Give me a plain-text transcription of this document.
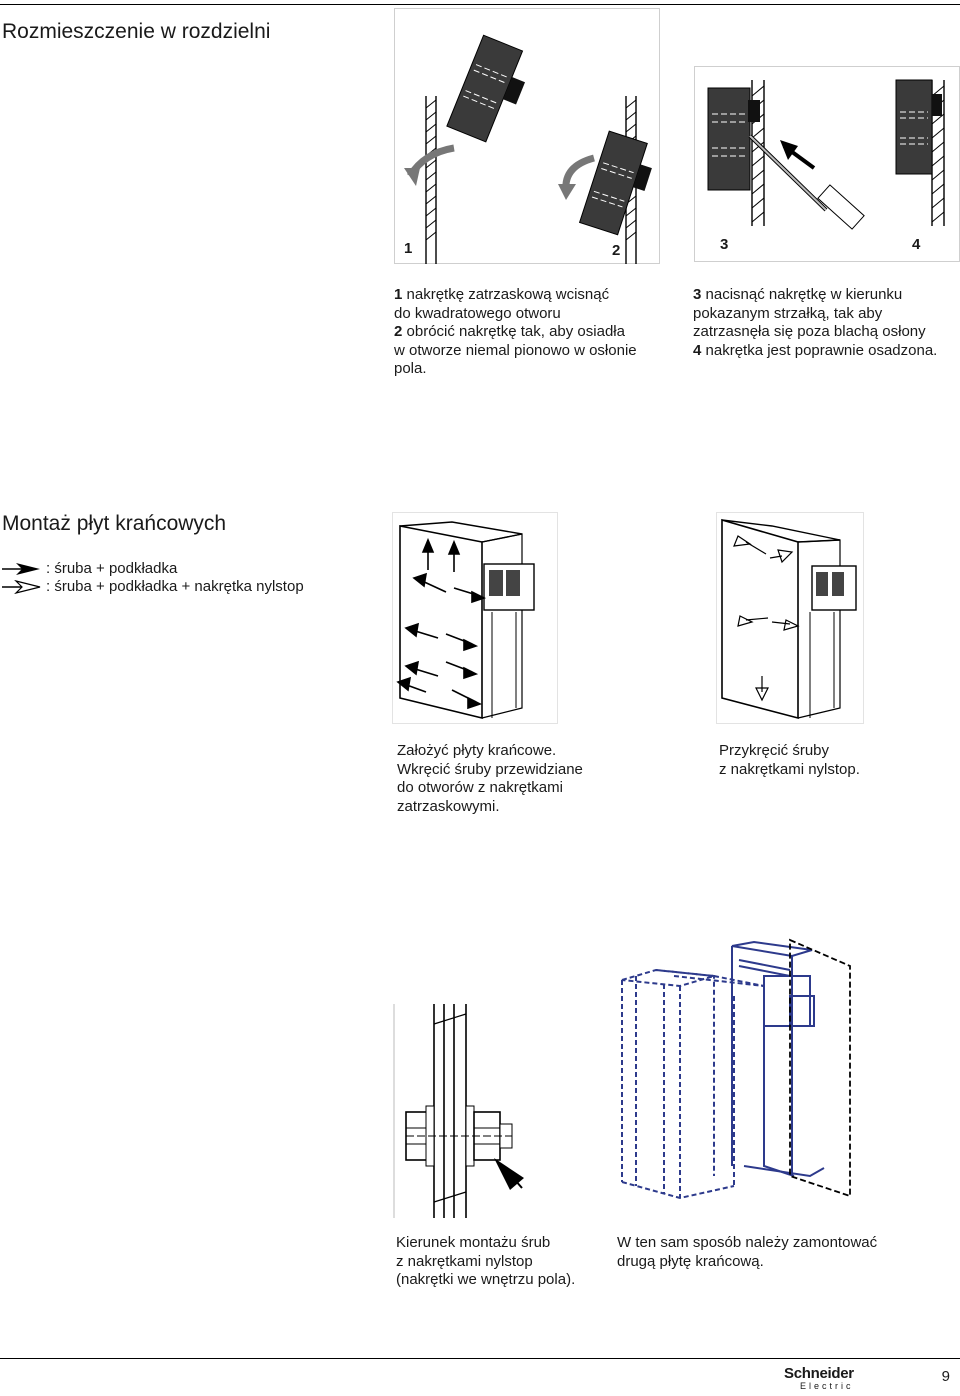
Rozmieszczenie w rozdzielni
1	2	3	4
1 nakrętkę zatrzaskową wcisnąć
do kwadratowego otworu
2 obrócić nakrętkę tak, aby osiadła
w otworze niemal pionowo w osłonie
pola.
3 nacisnąć nakrętkę w kierunku
pokazanym strzałką, tak aby
zatrzasnęła się poza blachą osłony
4 nakrętka jest poprawnie osadzona.
Montaż płyt krańcowych
: śruba + podkładka
: śruba + podkładka + nakrętka nylstop
Założyć płyty krańcowe.
Wkręcić śruby przewidziane
do otworów z nakrętkami
zatrzaskowymi.
Przykręcić śruby
z nakrętkami nylstop.
Kierunek montażu śrub
z nakrętkami nylstop
(nakrętki we wnętrzu pola).
W ten sam sposób należy zamontować
drugą płytę krańcową.
Schneider
Electric
9
